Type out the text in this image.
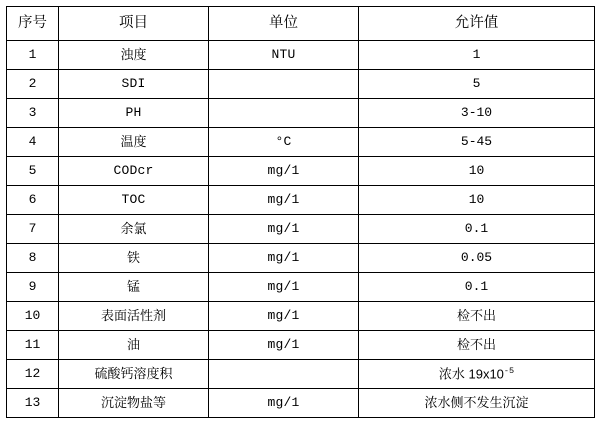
序号	项目	单位	允许值
1	浊度	NTU	1
2	SDI		5
3	PH		3-10
4	温度	°C	5-45
5	CODcr	mg/1	10
6	TOC	mg/1	10
7	余氯	mg/1	0.1
8	铁	mg/1	0.05
9	锰	mg/1	0.1
10	表面活性剂	mg/1	检不出
11	油	mg/1	检不出
12	硫酸钙溶度积		浓水 $19x10^{-5}$
13	沉淀物盐等	mg/1	浓水侧不发生沉淀
